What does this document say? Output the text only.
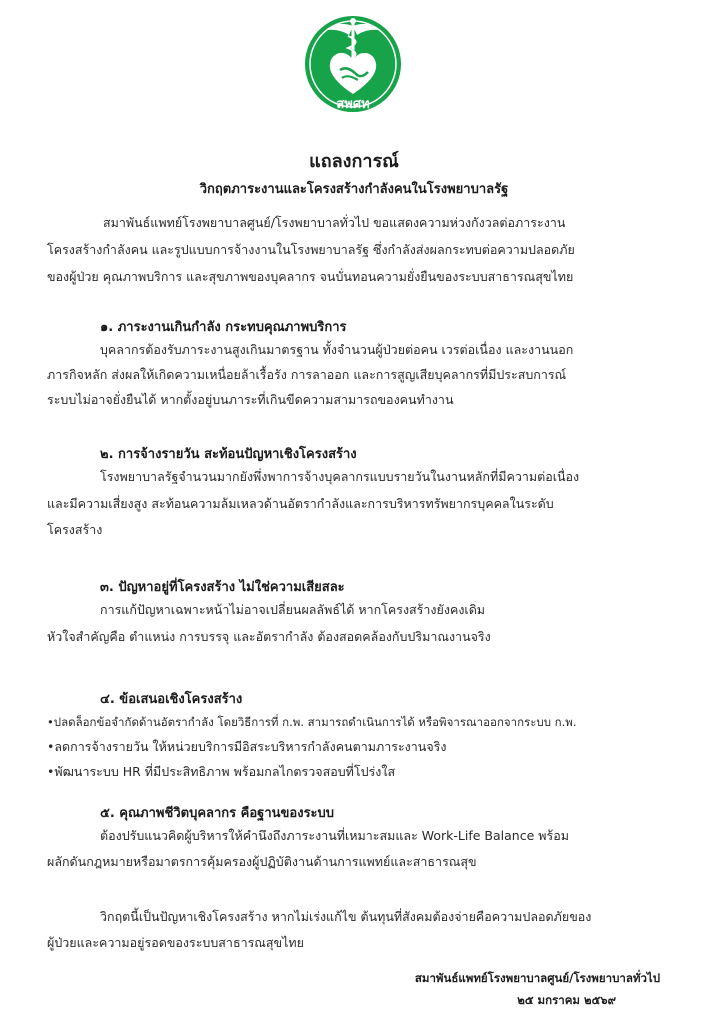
สพศท
แถลงการณ์
วิกฤตภาระงานและโครงสร้างกำลังคนในโรงพยาบาลรัฐ
สมาพันธ์แพทย์โรงพยาบาลศูนย์/โรงพยาบาลทั่วไป ขอแสดงความห่วงกังวลต่อภาระงาน
โครงสร้างกำลังคน และรูปแบบการจ้างงานในโรงพยาบาลรัฐ ซึ่งกำลังส่งผลกระทบต่อความปลอดภัย
ของผู้ป่วย คุณภาพบริการ และสุขภาพของบุคลากร จนบั่นทอนความยั่งยืนของระบบสาธารณสุขไทย
๑. ภาระงานเกินกำลัง กระทบคุณภาพบริการ
บุคลากรต้องรับภาระงานสูงเกินมาตรฐาน ทั้งจำนวนผู้ป่วยต่อคน เวรต่อเนื่อง และงานนอก
ภารกิจหลัก ส่งผลให้เกิดความเหนื่อยล้าเรื้อรัง การลาออก และการสูญเสียบุคลากรที่มีประสบการณ์
ระบบไม่อาจยั่งยืนได้ หากตั้งอยู่บนภาระที่เกินขีดความสามารถของคนทำงาน
๒. การจ้างรายวัน สะท้อนปัญหาเชิงโครงสร้าง
โรงพยาบาลรัฐจำนวนมากยังพึ่งพาการจ้างบุคลากรแบบรายวันในงานหลักที่มีความต่อเนื่อง
และมีความเสี่ยงสูง สะท้อนความล้มเหลวด้านอัตรากำลังและการบริหารทรัพยากรบุคคลในระดับ
โครงสร้าง
๓. ปัญหาอยู่ที่โครงสร้าง ไม่ใช่ความเสียสละ
การแก้ปัญหาเฉพาะหน้าไม่อาจเปลี่ยนผลลัพธ์ได้ หากโครงสร้างยังคงเดิม
หัวใจสำคัญคือ ตำแหน่ง การบรรจุ และอัตรากำลัง ต้องสอดคล้องกับปริมาณงานจริง
๔. ข้อเสนอเชิงโครงสร้าง
•ปลดล็อกข้อจำกัดด้านอัตรากำลัง โดยวิธีการที่ ก.พ. สามารถดำเนินการได้ หรือพิจารณาออกจากระบบ ก.พ.
•ลดการจ้างรายวัน ให้หน่วยบริการมีอิสระบริหารกำลังคนตามภาระงานจริง
•พัฒนาระบบ HR ที่มีประสิทธิภาพ พร้อมกลไกตรวจสอบที่โปร่งใส
๕. คุณภาพชีวิตบุคลากร คือฐานของระบบ
ต้องปรับแนวคิดผู้บริหารให้คำนึงถึงภาระงานที่เหมาะสมและ Work-Life Balance พร้อม
ผลักดันกฎหมายหรือมาตรการคุ้มครองผู้ปฏิบัติงานด้านการแพทย์และสาธารณสุข
วิกฤตนี้เป็นปัญหาเชิงโครงสร้าง หากไม่เร่งแก้ไข ต้นทุนที่สังคมต้องจ่ายคือความปลอดภัยของ
ผู้ป่วยและความอยู่รอดของระบบสาธารณสุขไทย
สมาพันธ์แพทย์โรงพยาบาลศูนย์/โรงพยาบาลทั่วไป
๒๕ มกราคม ๒๕๖๙
